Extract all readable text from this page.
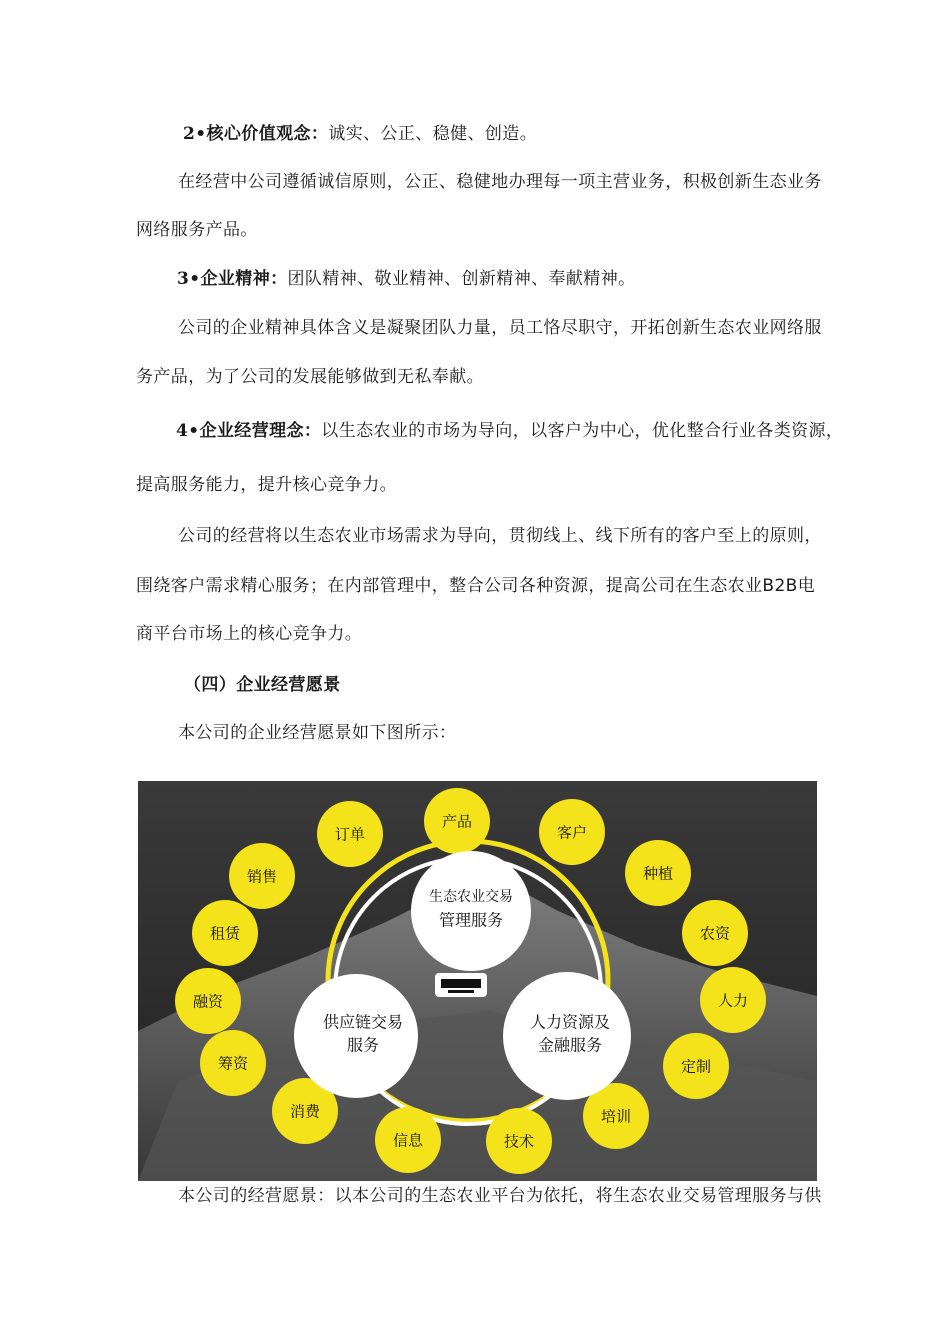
2•核心价值观念：诚实、公正、稳健、创造。
在经营中公司遵循诚信原则，公正、稳健地办理每一项主营业务，积极创新生态业务
网络服务产品。
3•企业精神：团队精神、敬业精神、创新精神、奉献精神。
公司的企业精神具体含义是凝聚团队力量，员工恪尽职守，开拓创新生态农业网络服
务产品，为了公司的发展能够做到无私奉献。
4•企业经营理念：以生态农业的市场为导向，以客户为中心，优化整合行业各类资源，
提高服务能力，提升核心竞争力。
公司的经营将以生态农业市场需求为导向，贯彻线上、线下所有的客户至上的原则，
围绕客户需求精心服务；在内部管理中，整合公司各种资源，提高公司在生态农业B2B电
商平台市场上的核心竞争力。
（四）企业经营愿景
本公司的企业经营愿景如下图所示：
产品
客户
种植
农资
人力
定制
培训
技术
信息
消费
筹资
融资
租赁
销售
订单
生态农业交易
管理服务
供应链交易
服务
人力资源及
金融服务
本公司的经营愿景：以本公司的生态农业平台为依托，将生态农业交易管理服务与供
